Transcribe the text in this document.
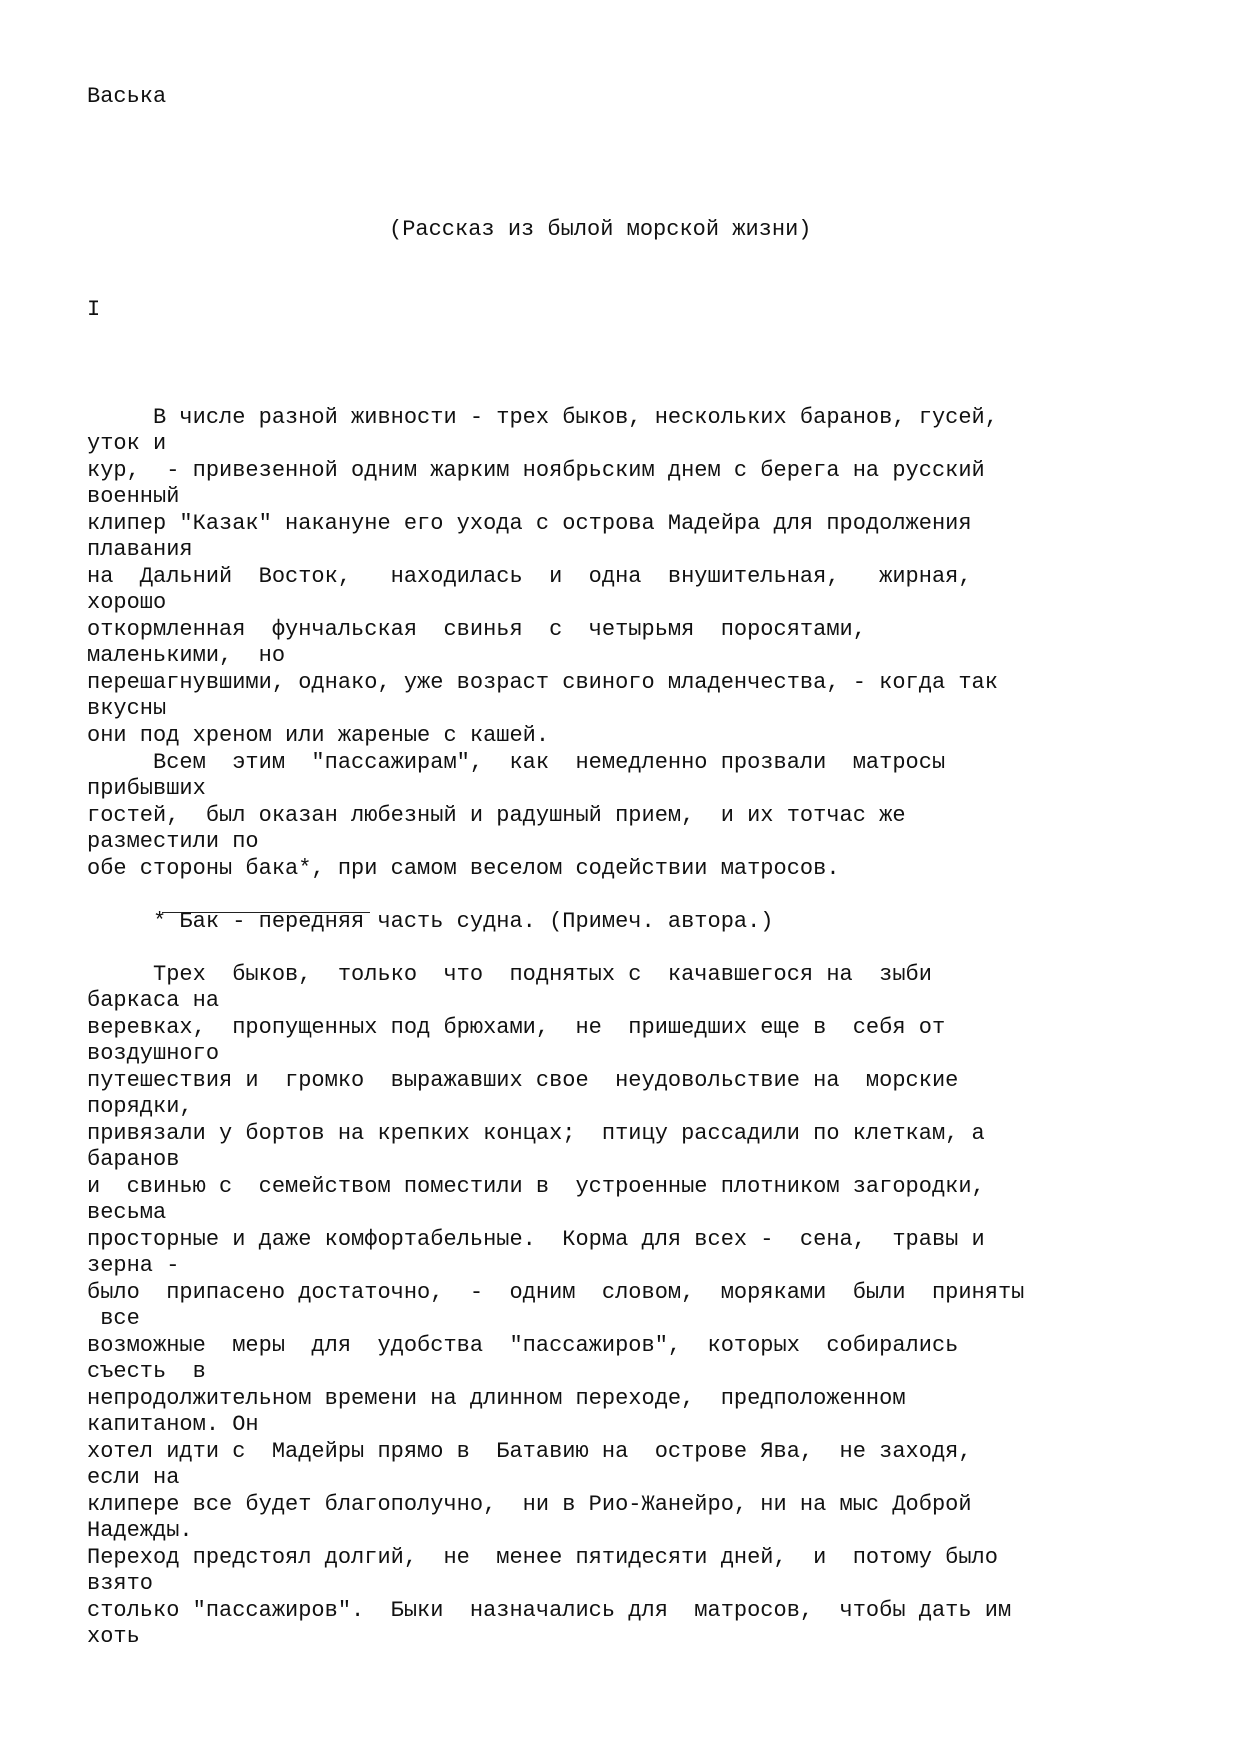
Васька
(Рассказ из былой морской жизни)
I
В числе разной живности - трех быков, нескольких баранов, гусей,
уток и
кур,  - привезенной одним жарким ноябрьским днем с берега на русский
военный
клипер "Казак" накануне его ухода с острова Мадейра для продолжения
плавания
на  Дальний  Восток,   находилась  и  одна  внушительная,   жирная,
хорошо
откормленная  фунчальская  свинья  с  четырьмя  поросятами,
маленькими,  но
перешагнувшими, однако, уже возраст свиного младенчества, - когда так
вкусны
они под хреном или жареные с кашей.
Всем  этим  "пассажирам",  как  немедленно прозвали  матросы
прибывших
гостей,  был оказан любезный и радушный прием,  и их тотчас же
разместили по
обе стороны бака*, при самом веселом содействии матросов.
* Бак - передняя часть судна. (Примеч. автора.)
Трех  быков,  только  что  поднятых с  качавшегося на  зыби
баркаса на
веревках,  пропущенных под брюхами,  не  пришедших еще в  себя от
воздушного
путешествия и  громко  выражавших свое  неудовольствие на  морские
порядки,
привязали у бортов на крепких концах;  птицу рассадили по клеткам, а
баранов
и  свинью с  семейством поместили в  устроенные плотником загородки,
весьма
просторные и даже комфортабельные.  Корма для всех -  сена,  травы и
зерна -
было  припасено достаточно,  -  одним  словом,  моряками  были  приняты
все
возможные  меры  для  удобства  "пассажиров",  которых  собирались
съесть  в
непродолжительном времени на длинном переходе,  предположенном
капитаном. Он
хотел идти с  Мадейры прямо в  Батавию на  острове Ява,  не заходя,
если на
клипере все будет благополучно,  ни в Рио-Жанейро, ни на мыс Доброй
Надежды.
Переход предстоял долгий,  не  менее пятидесяти дней,  и  потому было
взято
столько "пассажиров".  Быки  назначались для  матросов,  чтобы дать им
хоть
